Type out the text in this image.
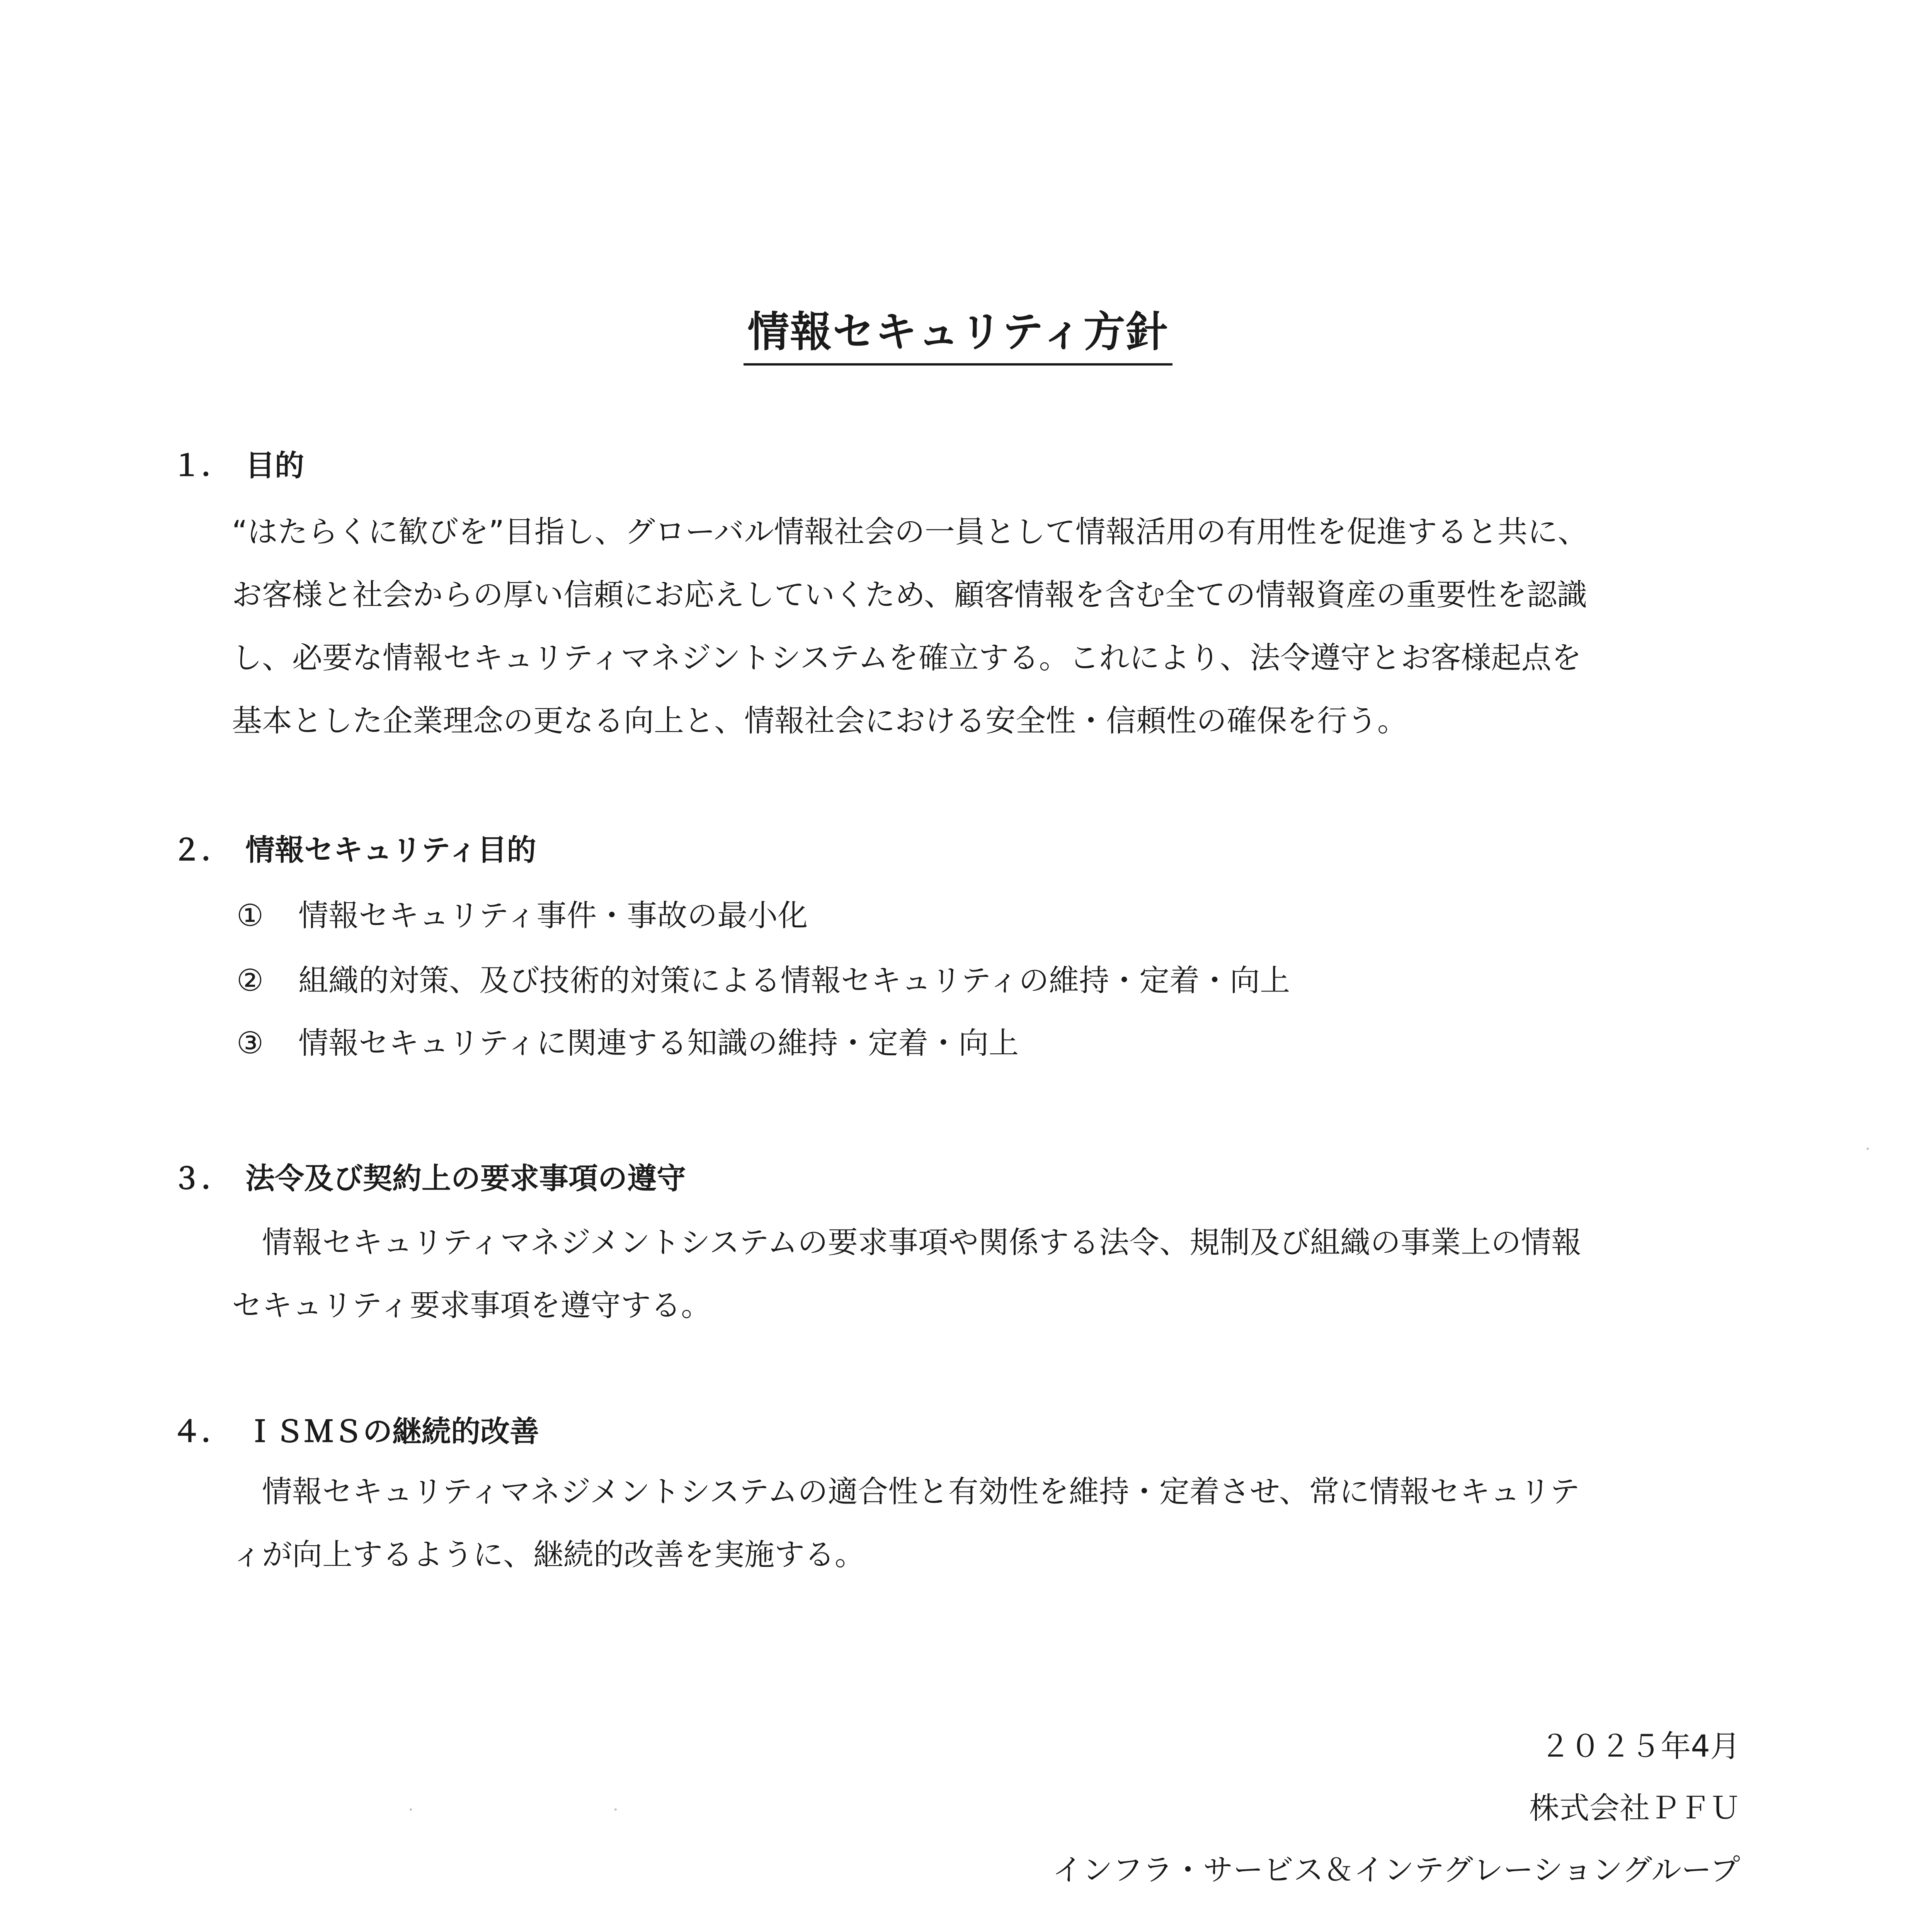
情報セキュリティ方針
１． 目的
“はたらくに歓びを”目指し、グローバル情報社会の一員として情報活用の有用性を促進すると共に、
お客様と社会からの厚い信頼にお応えしていくため、顧客情報を含む全ての情報資産の重要性を認識
し、必要な情報セキュリティマネジントシステムを確立する。これにより、法令遵守とお客様起点を
基本とした企業理念の更なる向上と、情報社会における安全性・信頼性の確保を行う。
２． 情報セキュリティ目的
① 情報セキュリティ事件・事故の最小化
② 組織的対策、及び技術的対策による情報セキュリティの維持・定着・向上
③ 情報セキュリティに関連する知識の維持・定着・向上
３． 法令及び契約上の要求事項の遵守
　情報セキュリティマネジメントシステムの要求事項や関係する法令、規制及び組織の事業上の情報
セキュリティ要求事項を遵守する。
４． ＩＳＭＳの継続的改善
　情報セキュリティマネジメントシステムの適合性と有効性を維持・定着させ、常に情報セキュリテ
ィが向上するように、継続的改善を実施する。
２０２５年4月
株式会社ＰＦＵ
インフラ・サービス＆インテグレーショングループ
